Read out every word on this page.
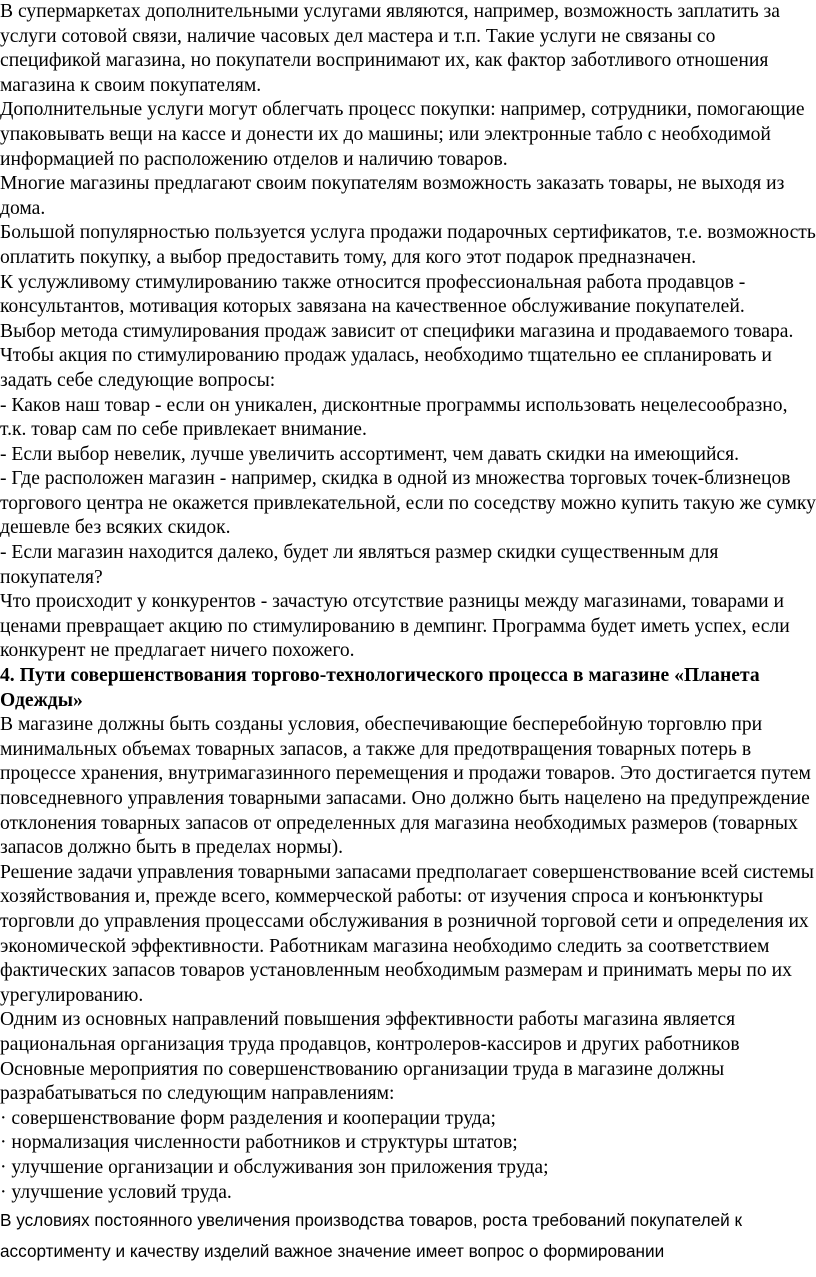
В супермаркетах дополнительными услугами являются, например, возможность заплатить за услуги сотовой связи, наличие часовых дел мастера и т.п. Такие услуги не связаны со спецификой магазина, но покупатели воспринимают их, как фактор заботливого отношения магазина к своим покупателям.

Дополнительные услуги могут облегчать процесс покупки: например, сотрудники, помогающие упаковывать вещи на кассе и донести их до машины; или электронные табло с необходимой информацией по расположению отделов и наличию товаров.

Многие магазины предлагают своим покупателям возможность заказать товары, не выходя из дома.

Большой популярностью пользуется услуга продажи подарочных сертификатов, т.е. возможность оплатить покупку, а выбор предоставить тому, для кого этот подарок предназначен.

К услужливому стимулированию также относится профессиональная работа продавцов - консультантов, мотивация которых завязана на качественное обслуживание покупателей.

Выбор метода стимулирования продаж зависит от специфики магазина и продаваемого товара. Чтобы акция по стимулированию продаж удалась, необходимо тщательно ее спланировать и задать себе следующие вопросы:

- Каков наш товар - если он уникален, дисконтные программы использовать нецелесообразно, т.к. товар сам по себе привлекает внимание.

- Если выбор невелик, лучше увеличить ассортимент, чем давать скидки на имеющийся.

- Где расположен магазин - например, скидка в одной из множества торговых точек-близнецов торгового центра не окажется привлекательной, если по соседству можно купить такую же сумку дешевле без всяких скидок.

- Если магазин находится далеко, будет ли являться размер скидки существенным для покупателя?

Что происходит у конкурентов - зачастую отсутствие разницы между магазинами, товарами и ценами превращает акцию по стимулированию в демпинг. Программа будет иметь успех, если конкурент не предлагает ничего похожего.

4. Пути совершенствования торгово-технологического процесса в магазине «Планета Одежды»

В магазине должны быть созданы условия, обеспечивающие бесперебойную торговлю при минимальных объемах товарных запасов, а также для предотвращения товарных потерь в процессе хранения, внутримагазинного перемещения и продажи товаров. Это достигается путем повседневного управления товарными запасами. Оно должно быть нацелено на предупреждение отклонения товарных запасов от определенных для магазина необходимых размеров (товарных запасов должно быть в пределах нормы).

Решение задачи управления товарными запасами предполагает совершенствование всей системы хозяйствования и, прежде всего, коммерческой работы: от изучения спроса и конъюнктуры торговли до управления процессами обслуживания в розничной торговой сети и определения их экономической эффективности. Работникам магазина необходимо следить за соответствием фактических запасов товаров установленным необходимым размерам и принимать меры по их урегулированию.

Одним из основных направлений повышения эффективности работы магазина является рациональная организация труда продавцов, контролеров-кассиров и других работников

Основные мероприятия по совершенствованию организации труда в магазине должны разрабатываться по следующим направлениям:

· совершенствование форм разделения и кооперации труда;

· нормализация численности работников и структуры штатов;

· улучшение организации и обслуживания зон приложения труда;

· улучшение условий труда.

В условиях постоянного увеличения производства товаров, роста требований покупателей к ассортименту и качеству изделий важное значение имеет вопрос о формировании
